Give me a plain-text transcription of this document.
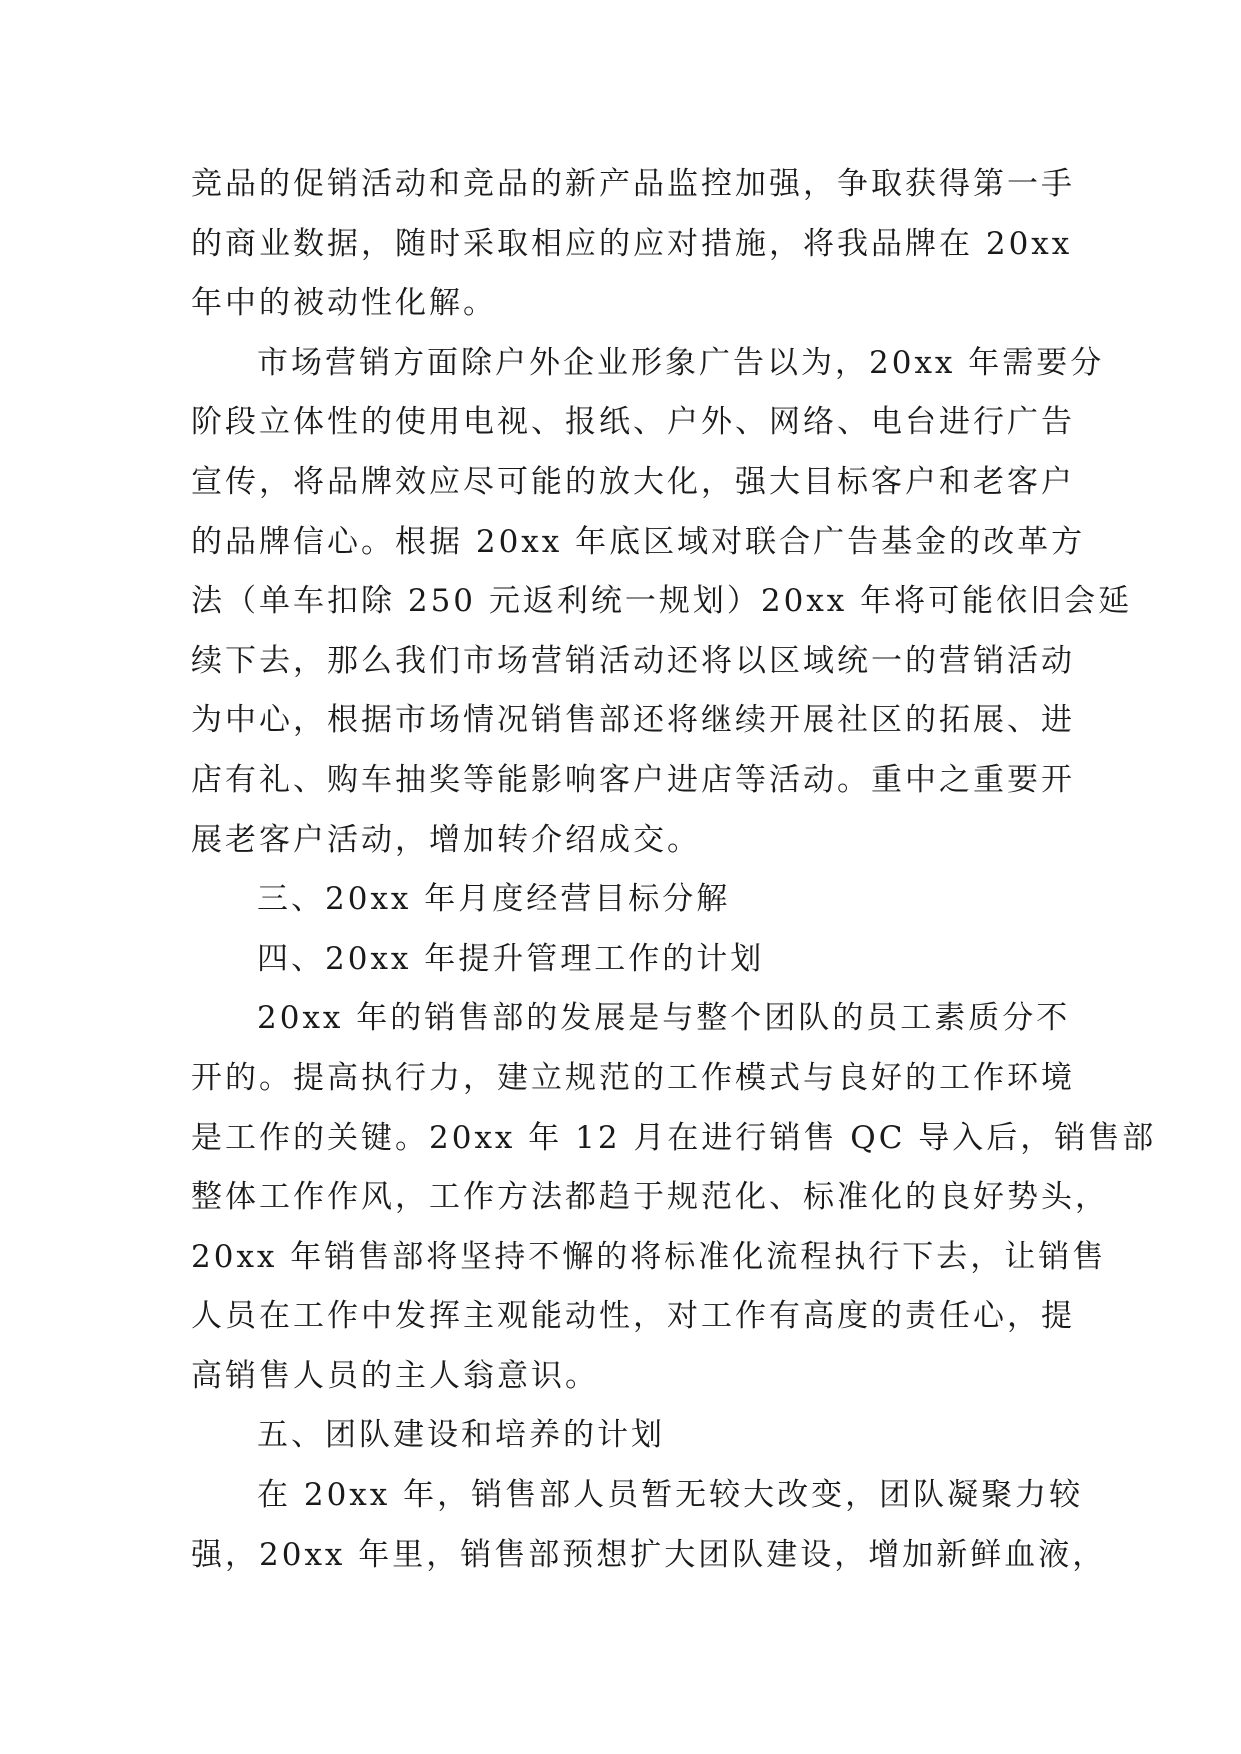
竞品的促销活动和竞品的新产品监控加强，争取获得第一手
的商业数据，随时采取相应的应对措施，将我品牌在 20xx
年中的被动性化解。
市场营销方面除户外企业形象广告以为，20xx 年需要分
阶段立体性的使用电视、报纸、户外、网络、电台进行广告
宣传，将品牌效应尽可能的放大化，强大目标客户和老客户
的品牌信心。根据 20xx 年底区域对联合广告基金的改革方
法（单车扣除 250 元返利统一规划）20xx 年将可能依旧会延
续下去，那么我们市场营销活动还将以区域统一的营销活动
为中心，根据市场情况销售部还将继续开展社区的拓展、进
店有礼、购车抽奖等能影响客户进店等活动。重中之重要开
展老客户活动，增加转介绍成交。
三、20xx 年月度经营目标分解
四、20xx 年提升管理工作的计划
20xx 年的销售部的发展是与整个团队的员工素质分不
开的。提高执行力，建立规范的工作模式与良好的工作环境
是工作的关键。20xx 年 12 月在进行销售 QC 导入后，销售部
整体工作作风，工作方法都趋于规范化、标准化的良好势头，
20xx 年销售部将坚持不懈的将标准化流程执行下去，让销售
人员在工作中发挥主观能动性，对工作有高度的责任心，提
高销售人员的主人翁意识。
五、团队建设和培养的计划
在 20xx 年，销售部人员暂无较大改变，团队凝聚力较
强，20xx 年里，销售部预想扩大团队建设，增加新鲜血液，
